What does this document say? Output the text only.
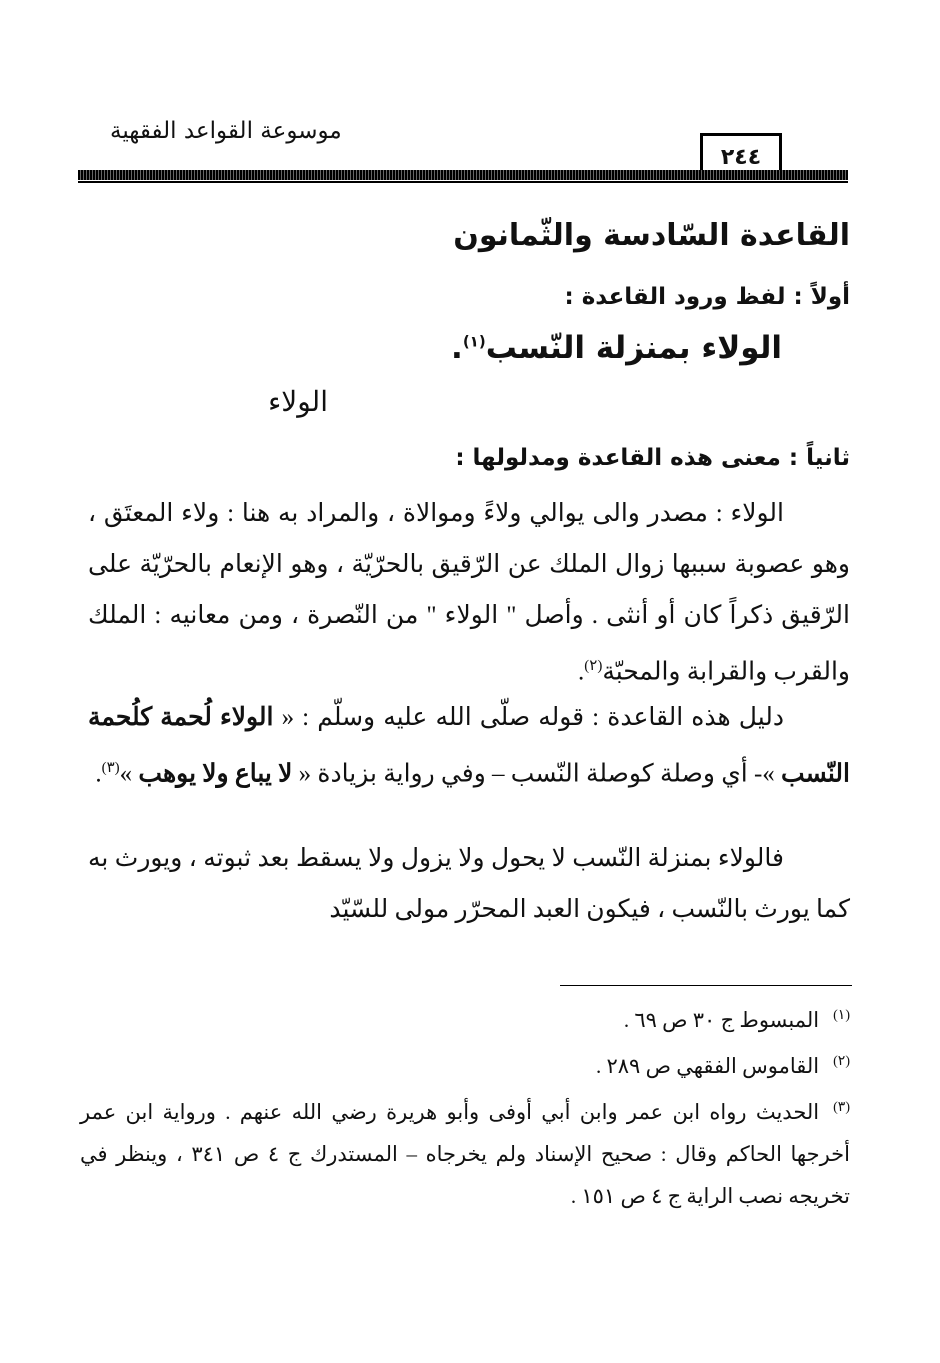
موسوعة القواعد الفقهية
٢٤٤
القاعدة السّادسة والثّمانون
أولاً : لفظ ورود القاعدة :
الولاء بمنزلة النّسب$^{(١)}$.
الولاء
ثانياً : معنى هذه القاعدة ومدلولها :

الولاء : مصدر والى يوالي ولاءً وموالاة ، والمراد به هنا : ولاء المعتَق ، وهو عصوبة سببها زوال الملك عن الرّقيق بالحرّيّة ، وهو الإنعام بالحرّيّة على الرّقيق ذكراً كان أو أنثى . وأصل " الولاء " من النّصرة ، ومن معانيه : الملك والقرب والقرابة والمحبّة$^{(٢)}$.

دليل هذه القاعدة : قوله صلّى الله عليه وسلّم : « الولاء لُحمة كلُحمة النّسب »- أي وصلة كوصلة النّسب – وفي رواية بزيادة « لا يباع ولا يوهب »$^{(٣)}$.

فالولاء بمنزلة النّسب لا يحول ولا يزول ولا يسقط بعد ثبوته ، ويورث به كما يورث بالنّسب ، فيكون العبد المحرّر مولى للسّيّد

$^{(١)}$المبسوط ج ٣٠ ص ٦٩ .

$^{(٢)}$القاموس الفقهي ص ٢٨٩ .

$^{(٣)}$الحديث رواه ابن عمر وابن أبي أوفى وأبو هريرة رضي الله عنهم . ورواية ابن عمر أخرجها الحاكم وقال : صحيح الإسناد ولم يخرجاه – المستدرك ج ٤ ص ٣٤١ ، وينظر في تخريجه نصب الراية ج ٤ ص ١٥١ .
